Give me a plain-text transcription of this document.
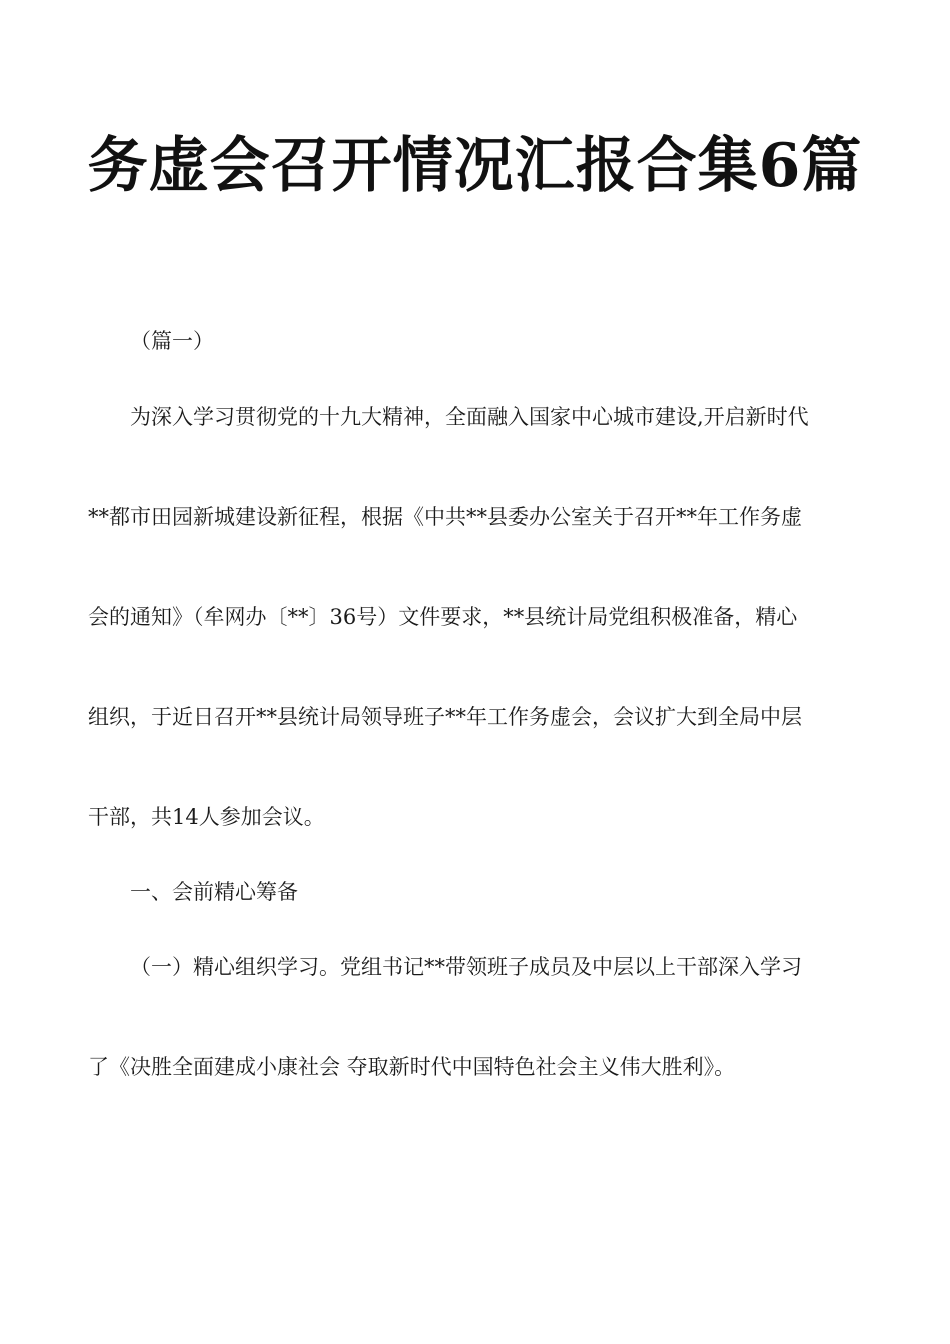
务虚会召开情况汇报合集6篇

（篇一）

为深入学习贯彻党的十九大精神，全面融入国家中心城市建设,开启新时代

**都市田园新城建设新征程，根据《中共**县委办公室关于召开**年工作务虚

会的通知》（牟网办〔**〕36号）文件要求，**县统计局党组积极准备，精心

组织，于近日召开**县统计局领导班子**年工作务虚会，会议扩大到全局中层

干部，共14人参加会议。

一、会前精心筹备

（一）精心组织学习。党组书记**带领班子成员及中层以上干部深入学习

了《决胜全面建成小康社会 夺取新时代中国特色社会主义伟大胜利》。
